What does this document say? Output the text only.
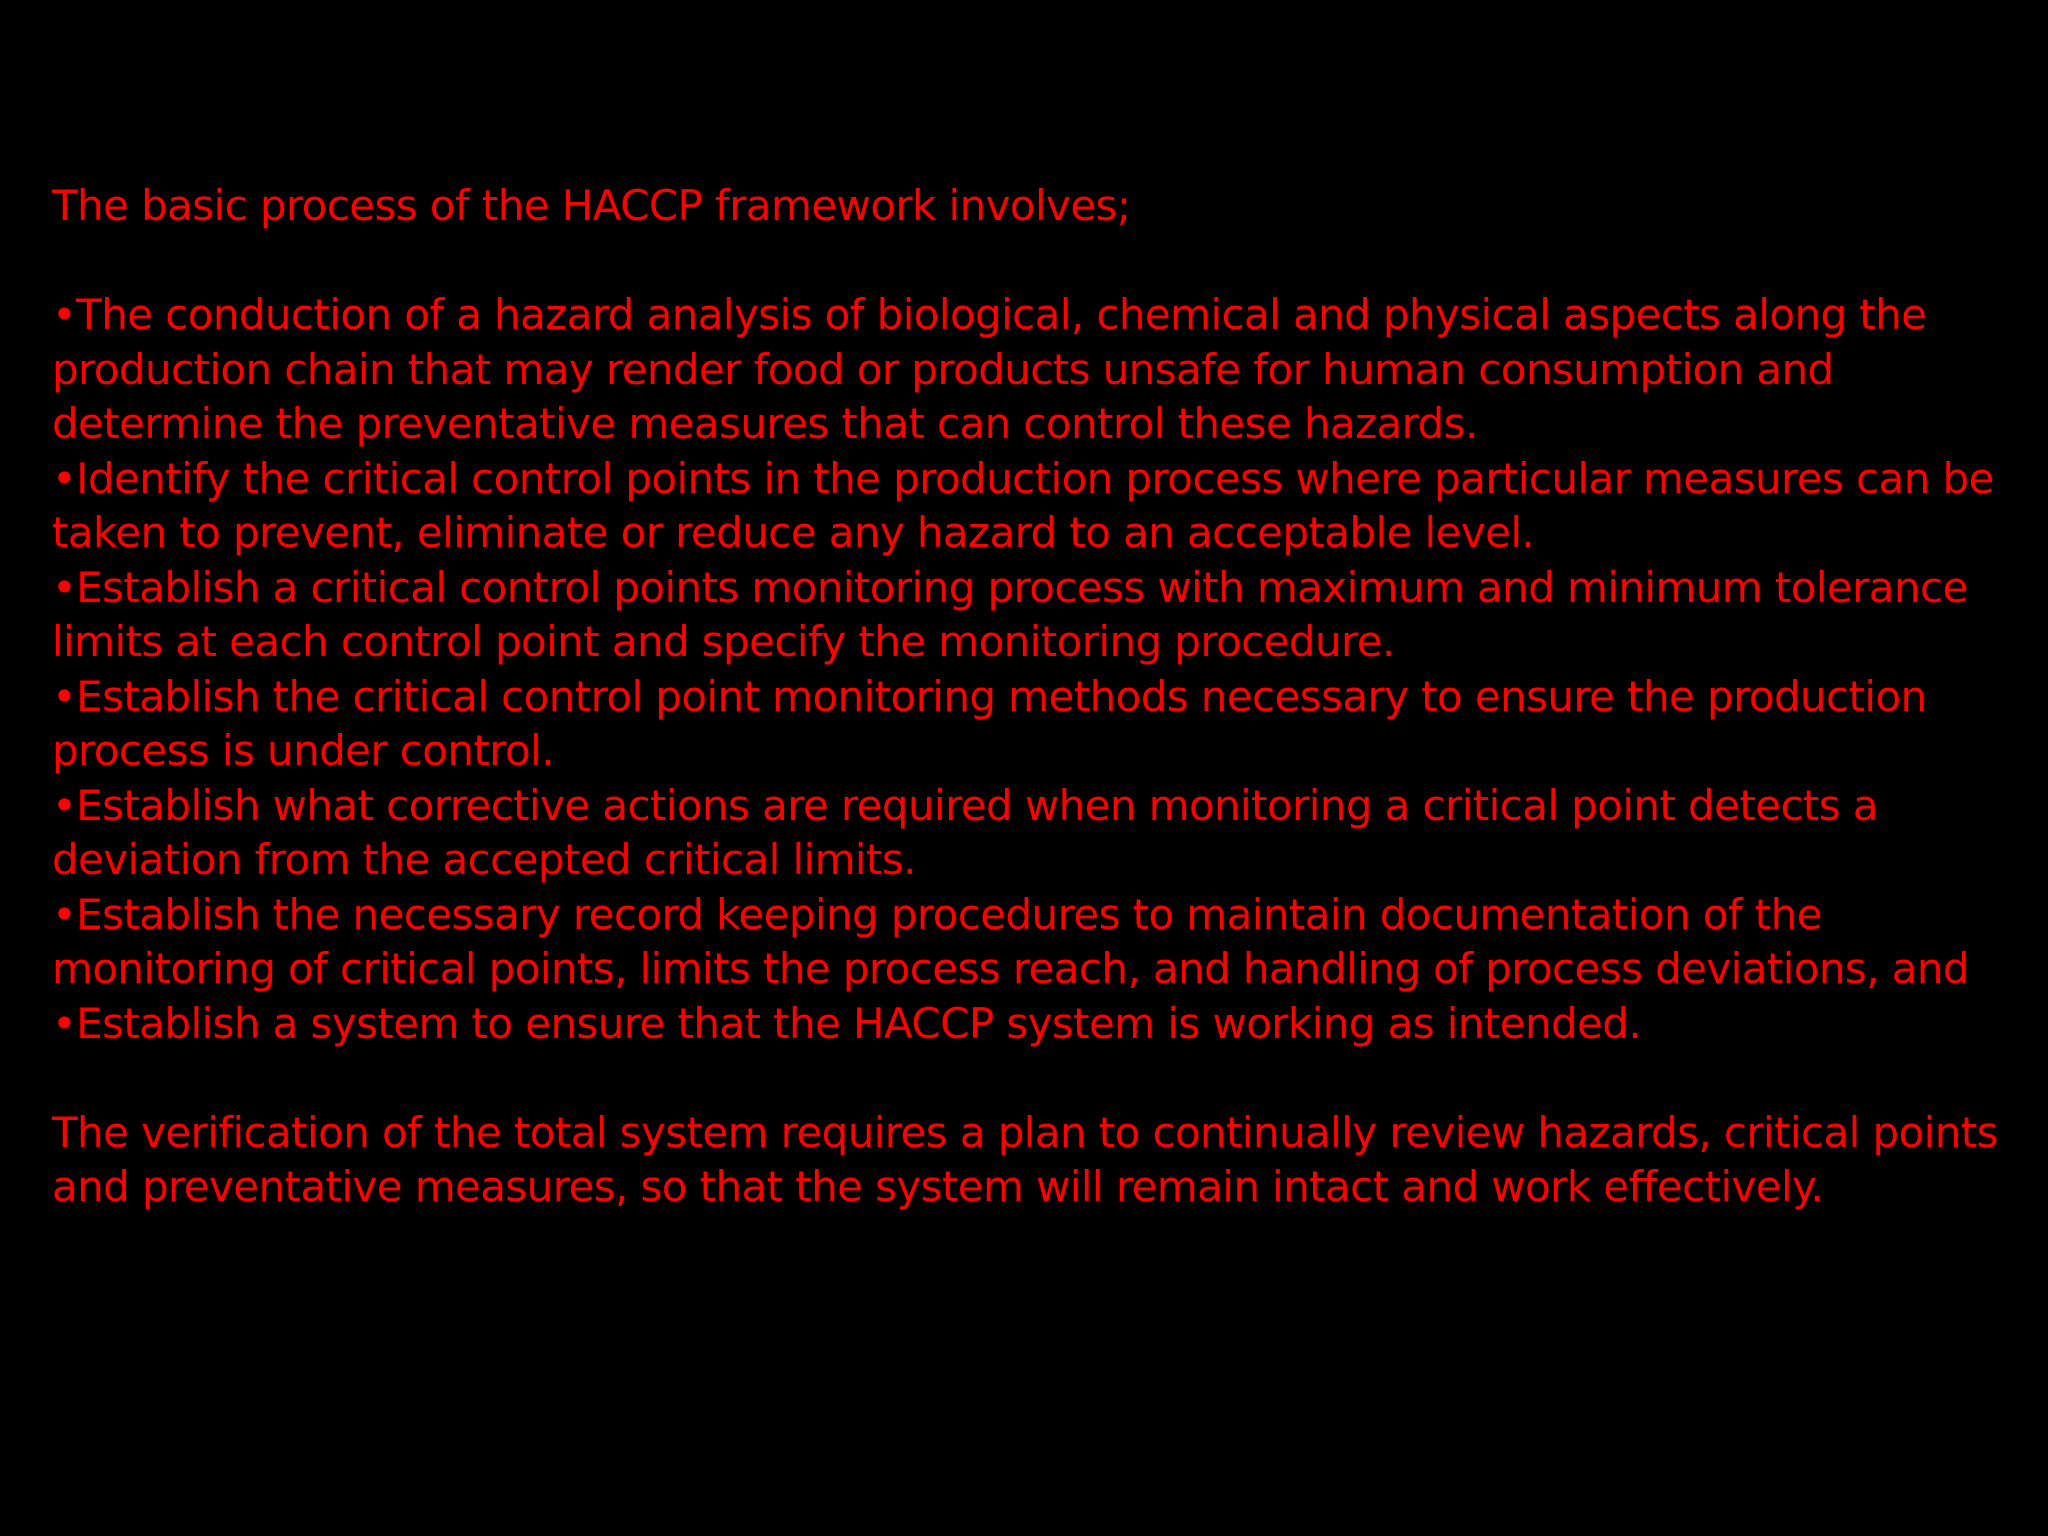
The basic process of the HACCP framework involves;

•The conduction of a hazard analysis of biological, chemical and physical aspects along the

production chain that may render food or products unsafe for human consumption and

determine the preventative measures that can control these hazards.

•Identify the critical control points in the production process where particular measures can be

taken to prevent, eliminate or reduce any hazard to an acceptable level.

•Establish a critical control points monitoring process with maximum and minimum tolerance

limits at each control point and specify the monitoring procedure.

•Establish the critical control point monitoring methods necessary to ensure the production

process is under control.

•Establish what corrective actions are required when monitoring a critical point detects a

deviation from the accepted critical limits.

•Establish the necessary record keeping procedures to maintain documentation of the

monitoring of critical points, limits the process reach, and handling of process deviations, and

•Establish a system to ensure that the HACCP system is working as intended.

The verification of the total system requires a plan to continually review hazards, critical points

and preventative measures, so that the system will remain intact and work effectively.
